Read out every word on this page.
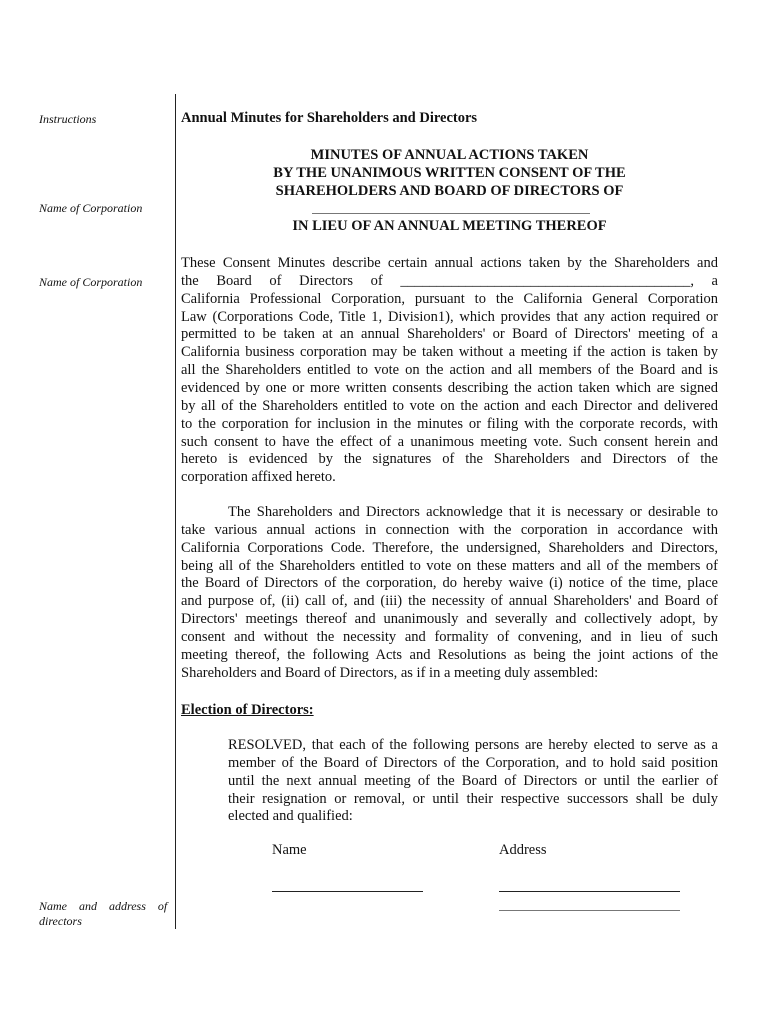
Instructions
Name of Corporation
Name of Corporation
Name    and    address    of
directors
Annual Minutes for Shareholders and Directors
MINUTES OF ANNUAL ACTIONS TAKEN
BY THE UNANIMOUS WRITTEN CONSENT OF THE
SHAREHOLDERS AND BOARD OF DIRECTORS OF
IN LIEU OF AN ANNUAL MEETING THEREOF
These Consent Minutes describe certain annual actions taken by the Shareholders and
the Board of Directors of ________________________________________, a
California Professional Corporation, pursuant to the California General Corporation
Law (Corporations Code, Title 1, Division1), which provides that any action required or
permitted to be taken at an annual Shareholders' or Board of Directors' meeting of a
California business corporation may be taken without a meeting if the action is taken by
all the Shareholders entitled to vote on the action and all members of the Board and is
evidenced by one or more written consents describing the action taken which are signed
by all of the Shareholders entitled to vote on the action and each Director and delivered
to the corporation for inclusion in the minutes or filing with the corporate records, with
such consent to have the effect of a unanimous meeting vote. Such consent herein and
hereto is evidenced by the signatures of the Shareholders and Directors of the
corporation affixed hereto.
The Shareholders and Directors acknowledge that it is necessary or desirable to
take various annual actions in connection with the corporation in accordance with
California Corporations Code. Therefore, the undersigned, Shareholders and Directors,
being all of the Shareholders entitled to vote on these matters and all of the members of
the Board of Directors of the corporation, do hereby waive (i) notice of the time, place
and purpose of, (ii) call of, and (iii) the necessity of annual Shareholders' and Board of
Directors' meetings thereof and unanimously and severally and collectively adopt, by
consent and without the necessity and formality of convening, and in lieu of such
meeting thereof, the following Acts and Resolutions as being the joint actions of the
Shareholders and Board of Directors, as if in a meeting duly assembled:
Election of Directors:
RESOLVED, that each of the following persons are hereby elected to serve as a
member of the Board of Directors of the Corporation, and to hold said position
until the next annual meeting of the Board of Directors or until the earlier of
their resignation or removal, or until their respective successors shall be duly
elected and qualified:
Name	Address
